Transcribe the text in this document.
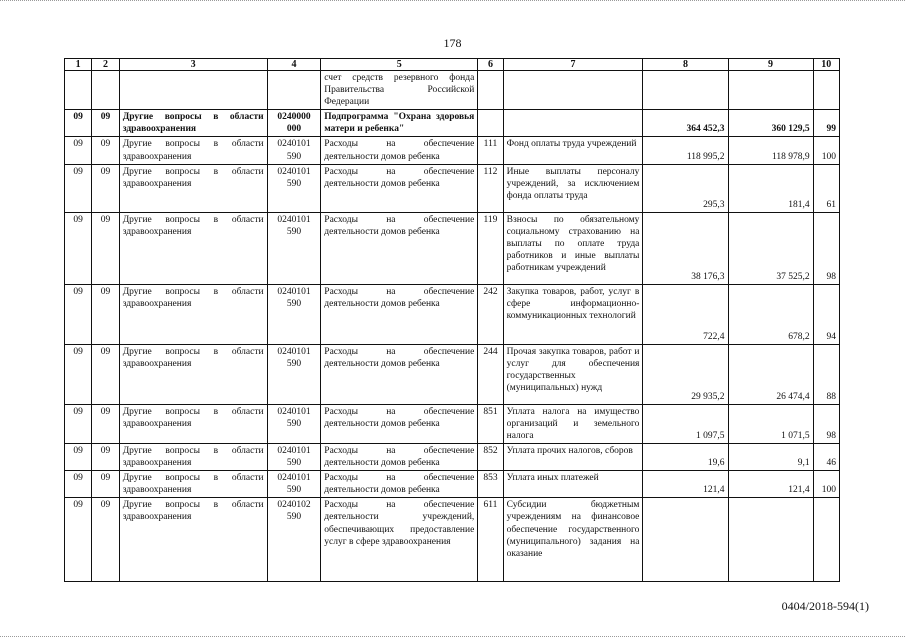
178
1	2	3	4	5	6	7	8	9	10
				счет средств резервного фонда Правительства Российской Федерации					
09	09	Другие вопросы в области здравоохранения	0240000 000	Подпрограмма "Охрана здоровья матери и ребенка"			364 452,3	360 129,5	99
09	09	Другие вопросы в области здравоохранения	0240101 590	Расходы на обеспечение деятельности домов ребенка	111	Фонд оплаты труда учреждений	118 995,2	118 978,9	100
09	09	Другие вопросы в области здравоохранения	0240101 590	Расходы на обеспечение деятельности домов ребенка	112	Иные выплаты персоналу учреждений, за исключением фонда оплаты труда	295,3	181,4	61
09	09	Другие вопросы в области здравоохранения	0240101 590	Расходы на обеспечение деятельности домов ребенка	119	Взносы по обязательному социальному страхованию на выплаты по оплате труда работников и иные выплаты работникам учреждений	38 176,3	37 525,2	98
09	09	Другие вопросы в области здравоохранения	0240101 590	Расходы на обеспечение деятельности домов ребенка	242	Закупка товаров, работ, услуг в сфере информационно-коммуникационных технологий	722,4	678,2	94
09	09	Другие вопросы в области здравоохранения	0240101 590	Расходы на обеспечение деятельности домов ребенка	244	Прочая закупка товаров, работ и услуг для обеспечения государственных (муниципальных) нужд	29 935,2	26 474,4	88
09	09	Другие вопросы в области здравоохранения	0240101 590	Расходы на обеспечение деятельности домов ребенка	851	Уплата налога на имущество организаций и земельного налога	1 097,5	1 071,5	98
09	09	Другие вопросы в области здравоохранения	0240101 590	Расходы на обеспечение деятельности домов ребенка	852	Уплата прочих налогов, сборов	19,6	9,1	46
09	09	Другие вопросы в области здравоохранения	0240101 590	Расходы на обеспечение деятельности домов ребенка	853	Уплата иных платежей	121,4	121,4	100
09	09	Другие вопросы в области здравоохранения	0240102 590	Расходы на обеспечение деятельности учреждений, обеспечивающих предоставление услуг в сфере здравоохранения	611	Субсидии бюджетным учреждениям на финансовое обеспечение государственного (муниципального) задания на оказание			
0404/2018-594(1)
